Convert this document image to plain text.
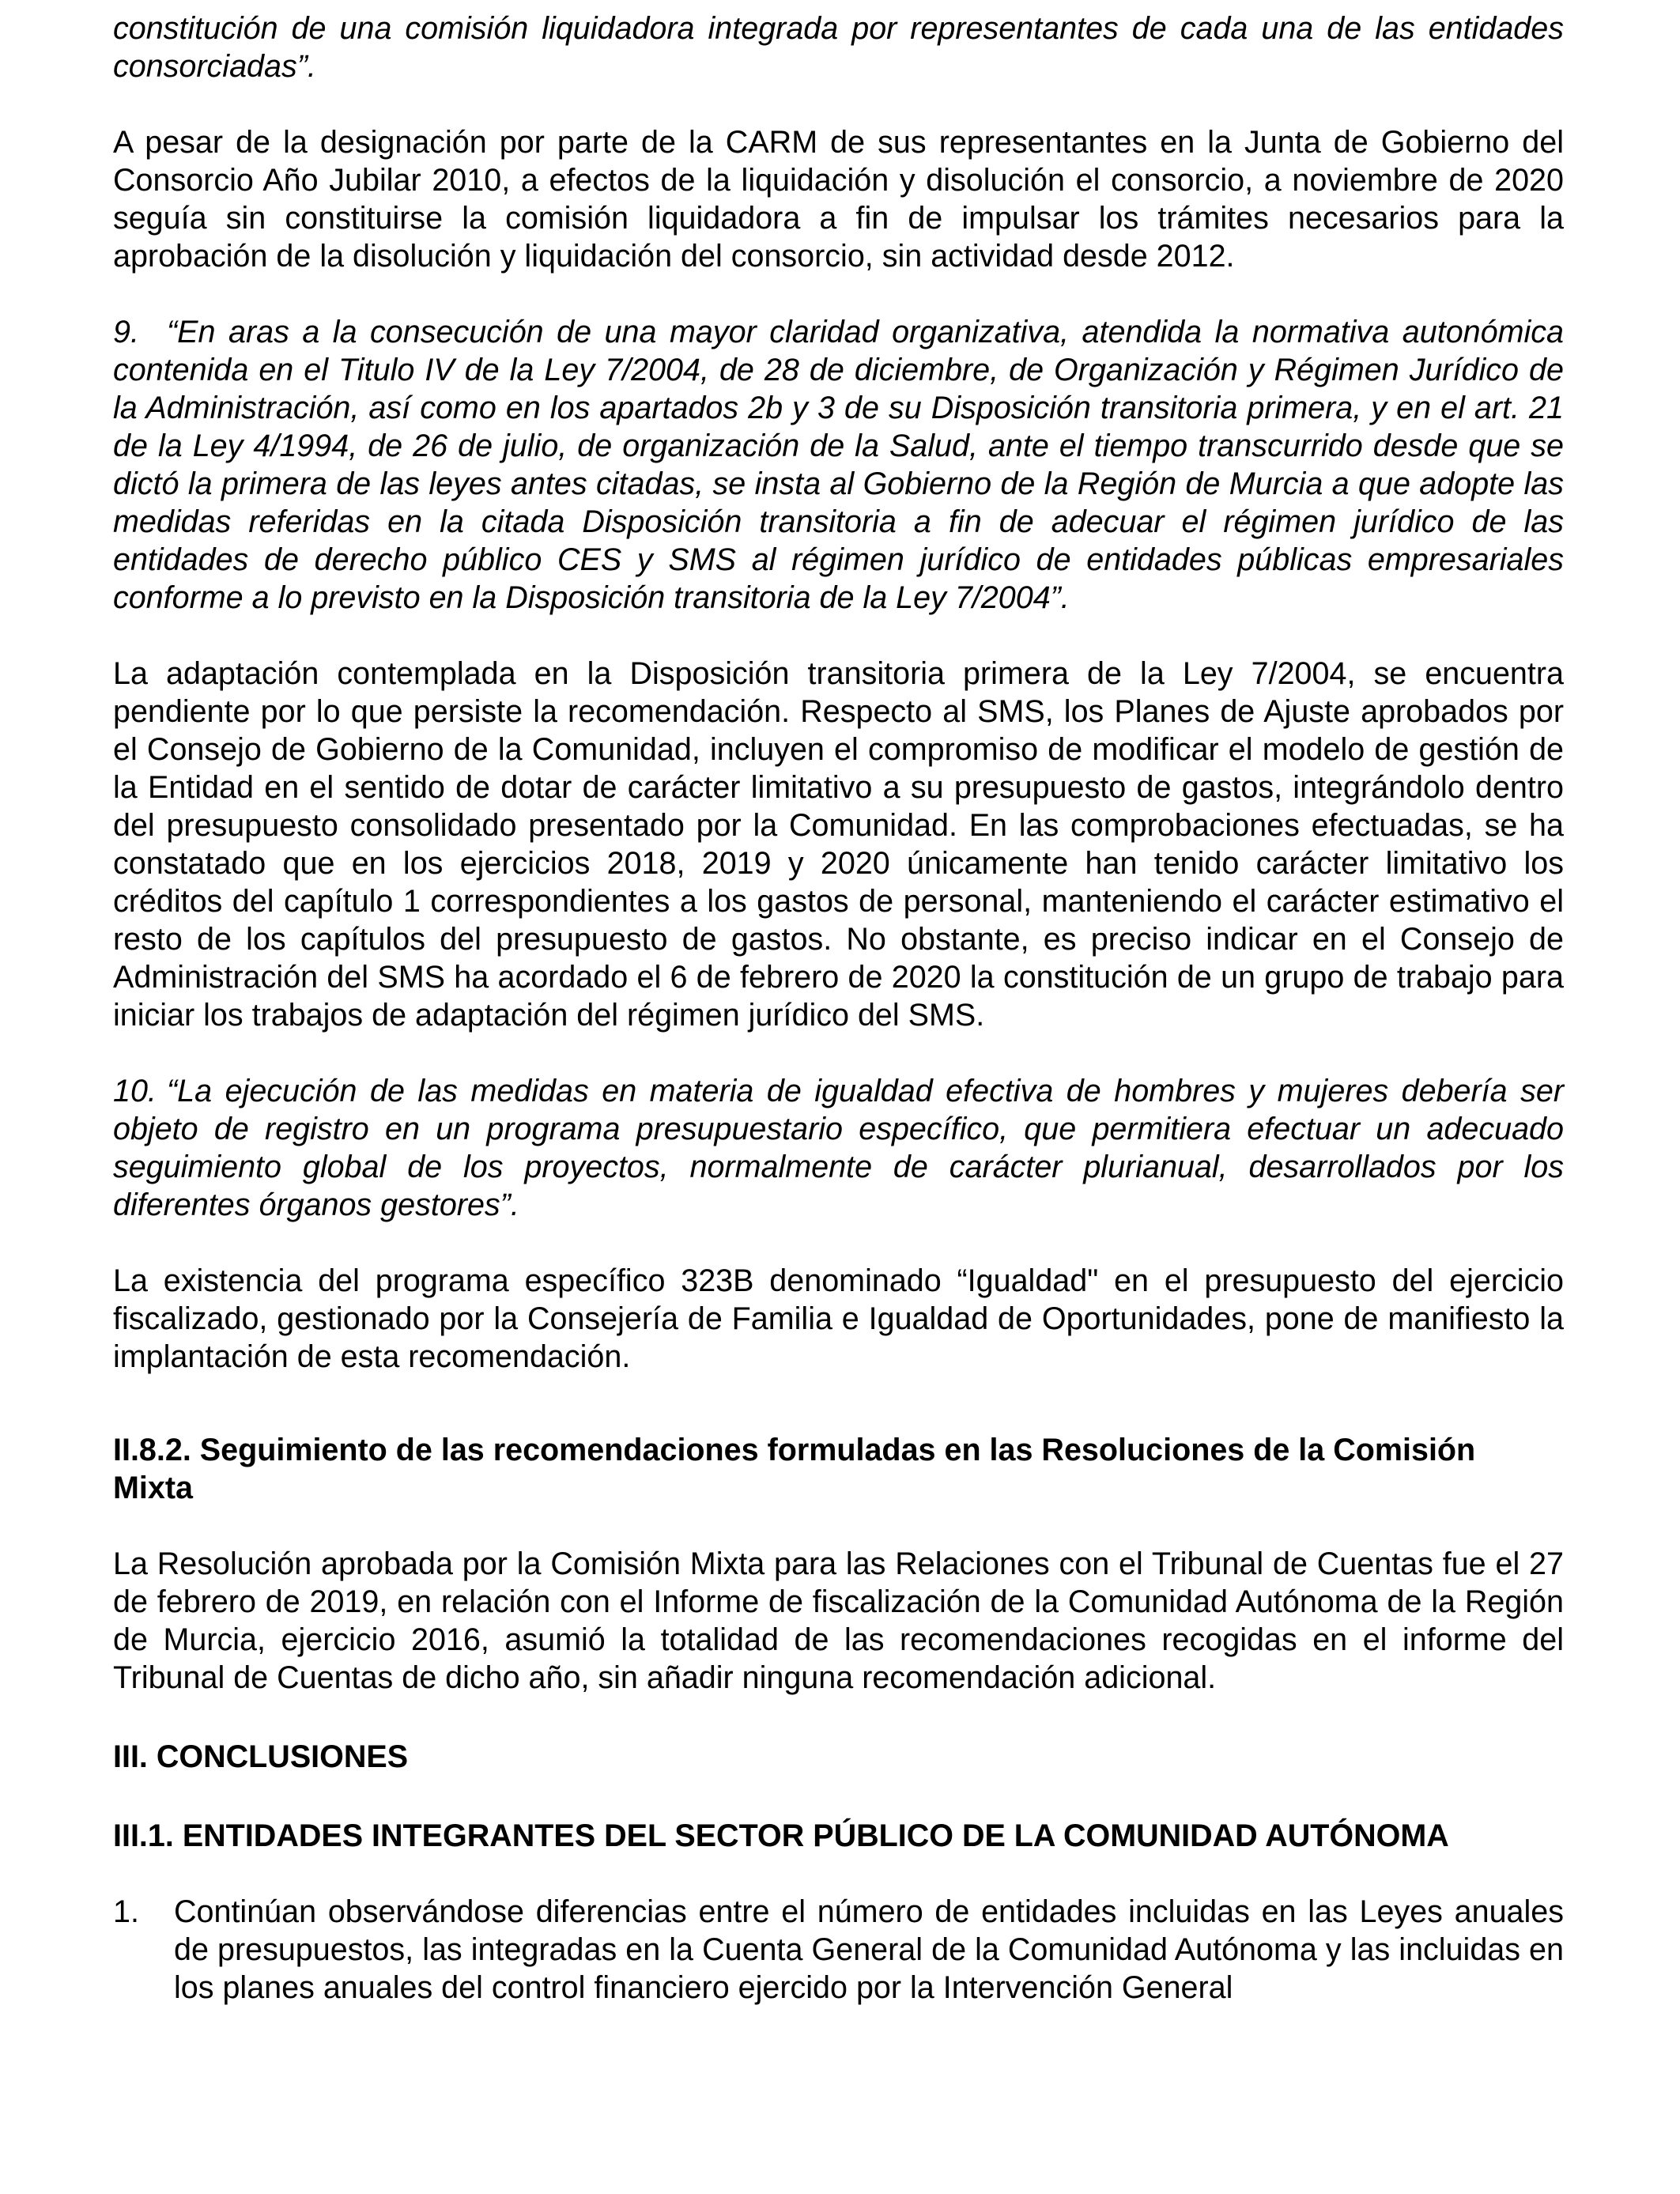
constitución de una comisión liquidadora integrada por representantes de cada una de las entidades consorciadas”.

A pesar de la designación por parte de la CARM de sus representantes en la Junta de Gobierno del Consorcio Año Jubilar 2010, a efectos de la liquidación y disolución el consorcio, a noviembre de 2020 seguía sin constituirse la comisión liquidadora a fin de impulsar los trámites necesarios para la aprobación de la disolución y liquidación del consorcio, sin actividad desde 2012.

9. “En aras a la consecución de una mayor claridad organizativa, atendida la normativa autonómica contenida en el Titulo IV de la Ley 7/2004, de 28 de diciembre, de Organización y Régimen Jurídico de la Administración, así como en los apartados 2b y 3 de su Disposición transitoria primera, y en el art. 21 de la Ley 4/1994, de 26 de julio, de organización de la Salud, ante el tiempo transcurrido desde que se dictó la primera de las leyes antes citadas, se insta al Gobierno de la Región de Murcia a que adopte las medidas referidas en la citada Disposición transitoria a fin de adecuar el régimen jurídico de las entidades de derecho público CES y SMS al régimen jurídico de entidades públicas empresariales conforme a lo previsto en la Disposición transitoria de la Ley 7/2004”.

La adaptación contemplada en la Disposición transitoria primera de la Ley 7/2004, se encuentra pendiente por lo que persiste la recomendación. Respecto al SMS, los Planes de Ajuste aprobados por el Consejo de Gobierno de la Comunidad, incluyen el compromiso de modificar el modelo de gestión de la Entidad en el sentido de dotar de carácter limitativo a su presupuesto de gastos, integrándolo dentro del presupuesto consolidado presentado por la Comunidad. En las comprobaciones efectuadas, se ha constatado que en los ejercicios 2018, 2019 y 2020 únicamente han tenido carácter limitativo los créditos del capítulo 1 correspondientes a los gastos de personal, manteniendo el carácter estimativo el resto de los capítulos del presupuesto de gastos. No obstante, es preciso indicar en el Consejo de Administración del SMS ha acordado el 6 de febrero de 2020 la constitución de un grupo de trabajo para iniciar los trabajos de adaptación del régimen jurídico del SMS.

10. “La ejecución de las medidas en materia de igualdad efectiva de hombres y mujeres debería ser objeto de registro en un programa presupuestario específico, que permitiera efectuar un adecuado seguimiento global de los proyectos, normalmente de carácter plurianual, desarrollados por los diferentes órganos gestores”.

La existencia del programa específico 323B denominado “Igualdad" en el presupuesto del ejercicio fiscalizado, gestionado por la Consejería de Familia e Igualdad de Oportunidades, pone de manifiesto la implantación de esta recomendación.

II.8.2. Seguimiento de las recomendaciones formuladas en las Resoluciones de la Comisión Mixta

La Resolución aprobada por la Comisión Mixta para las Relaciones con el Tribunal de Cuentas fue el 27 de febrero de 2019, en relación con el Informe de fiscalización de la Comunidad Autónoma de la Región de Murcia, ejercicio 2016, asumió la totalidad de las recomendaciones recogidas en el informe del Tribunal de Cuentas de dicho año, sin añadir ninguna recomendación adicional.

III. CONCLUSIONES

III.1. ENTIDADES INTEGRANTES DEL SECTOR PÚBLICO DE LA COMUNIDAD AUTÓNOMA

1.	Continúan observándose diferencias entre el número de entidades incluidas en las Leyes anuales de presupuestos, las integradas en la Cuenta General de la Comunidad Autónoma y las incluidas en los planes anuales del control financiero ejercido por la Intervención General
